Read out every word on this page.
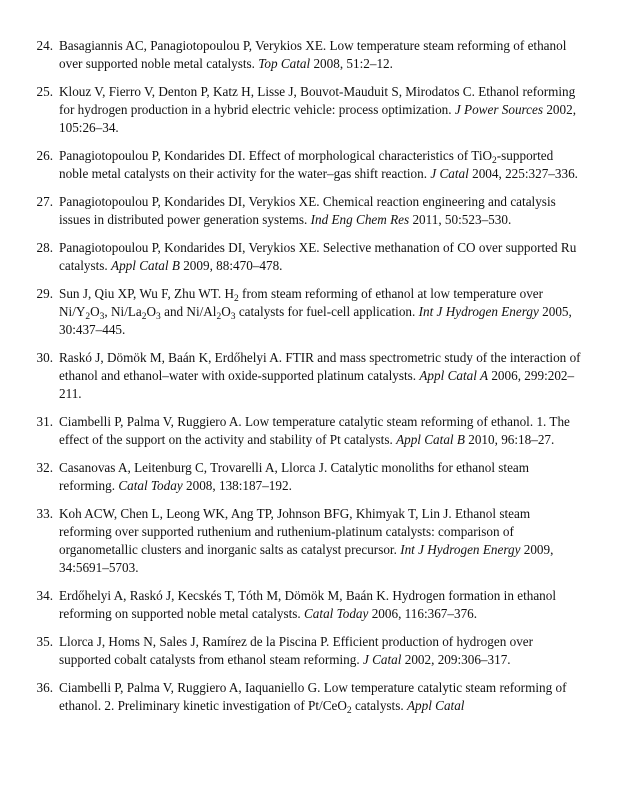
24. Basagiannis AC, Panagiotopoulou P, Verykios XE. Low temperature steam reforming of ethanol over supported noble metal catalysts. Top Catal 2008, 51:2–12.
25. Klouz V, Fierro V, Denton P, Katz H, Lisse J, Bouvot-Mauduit S, Mirodatos C. Ethanol reforming for hydrogen production in a hybrid electric vehicle: process optimization. J Power Sources 2002, 105:26–34.
26. Panagiotopoulou P, Kondarides DI. Effect of morphological characteristics of TiO$_2$-supported noble metal catalysts on their activity for the water–gas shift reaction. J Catal 2004, 225:327–336.
27. Panagiotopoulou P, Kondarides DI, Verykios XE. Chemical reaction engineering and catalysis issues in distributed power generation systems. Ind Eng Chem Res 2011, 50:523–530.
28. Panagiotopoulou P, Kondarides DI, Verykios XE. Selective methanation of CO over supported Ru catalysts. Appl Catal B 2009, 88:470–478.
29. Sun J, Qiu XP, Wu F, Zhu WT. $H_2$ from steam reforming of ethanol at low temperature over $Ni/Y_2O_3$, $Ni/La_2O_3$ and $Ni/Al_2O_3$ catalysts for fuel-cell application. Int J Hydrogen Energy 2005, 30:437–445.
30. Raskó J, Dömök M, Baán K, Erdőhelyi A. FTIR and mass spectrometric study of the interaction of ethanol and ethanol–water with oxide-supported platinum catalysts. Appl Catal A 2006, 299:202–211.
31. Ciambelli P, Palma V, Ruggiero A. Low temperature catalytic steam reforming of ethanol. 1. The effect of the support on the activity and stability of Pt catalysts. Appl Catal B 2010, 96:18–27.
32. Casanovas A, Leitenburg C, Trovarelli A, Llorca J. Catalytic monoliths for ethanol steam reforming. Catal Today 2008, 138:187–192.
33. Koh ACW, Chen L, Leong WK, Ang TP, Johnson BFG, Khimyak T, Lin J. Ethanol steam reforming over supported ruthenium and ruthenium-platinum catalysts: comparison of organometallic clusters and inorganic salts as catalyst precursor. Int J Hydrogen Energy 2009, 34:5691–5703.
34. Erdőhelyi A, Raskó J, Kecskés T, Tóth M, Dömök M, Baán K. Hydrogen formation in ethanol reforming on supported noble metal catalysts. Catal Today 2006, 116:367–376.
35. Llorca J, Homs N, Sales J, Ramírez de la Piscina P. Efficient production of hydrogen over supported cobalt catalysts from ethanol steam reforming. J Catal 2002, 209:306–317.
36. Ciambelli P, Palma V, Ruggiero A, Iaquaniello G. Low temperature catalytic steam reforming of ethanol. 2. Preliminary kinetic investigation of Pt/CeO$_2$ catalysts. Appl Catal
